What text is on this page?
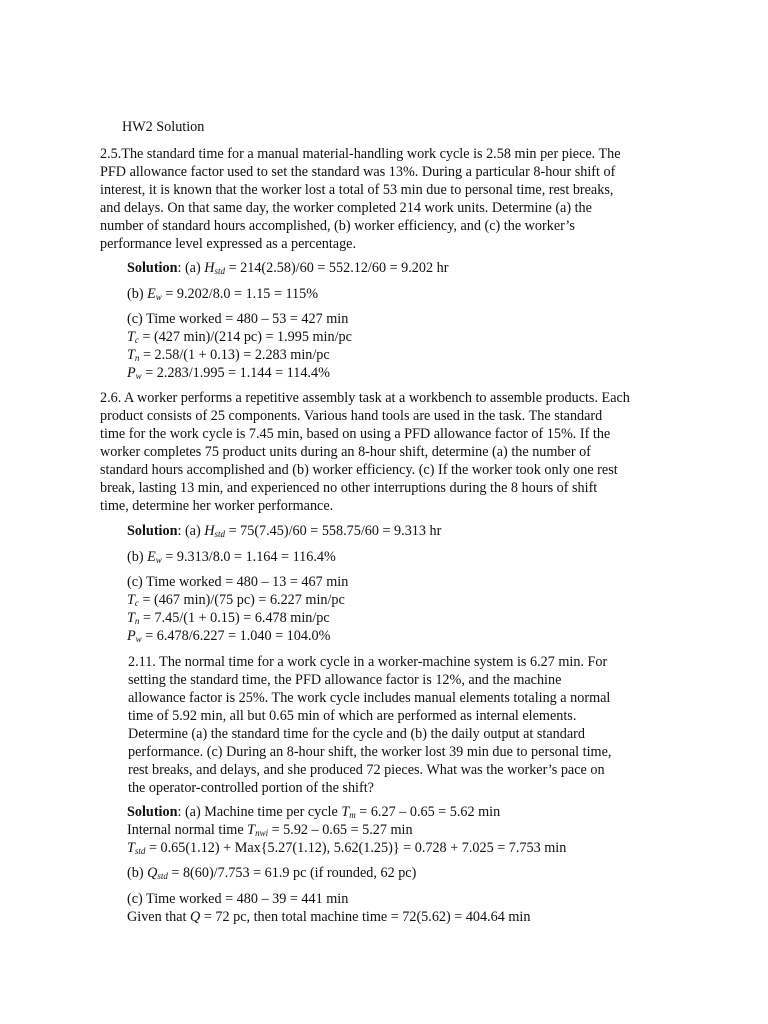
HW2 Solution

2.5.The standard time for a manual material-handling work cycle is 2.58 min per piece. The
PFD allowance factor used to set the standard was 13%. During a particular 8-hour shift of
interest, it is known that the worker lost a total of 53 min due to personal time, rest breaks,
and delays. On that same day, the worker completed 214 work units. Determine (a) the
number of standard hours accomplished, (b) worker efficiency, and (c) the worker’s
performance level expressed as a percentage.

Solution: (a) $H_{std} = 214(2.58)/60 = 552.12/60 = 9.202$ hr
(b) $E_w = 9.202/8.0 = 1.15 = 115\%$
(c) Time worked = 480 – 53 = 427 min
$T_c = (427$ min)/(214 pc) = 1.995 min/pc
$T_n = 2.58/(1 + 0.13) = 2.283$ min/pc
$P_w = 2.283/1.995 = 1.144 = 114.4\%$

2.6. A worker performs a repetitive assembly task at a workbench to assemble products. Each
product consists of 25 components. Various hand tools are used in the task. The standard
time for the work cycle is 7.45 min, based on using a PFD allowance factor of 15%. If the
worker completes 75 product units during an 8-hour shift, determine (a) the number of
standard hours accomplished and (b) worker efficiency. (c) If the worker took only one rest
break, lasting 13 min, and experienced no other interruptions during the 8 hours of shift
time, determine her worker performance.

Solution: (a) $H_{std} = 75(7.45)/60 = 558.75/60 = 9.313$ hr
(b) $E_w = 9.313/8.0 = 1.164 = 116.4\%$
(c) Time worked = 480 – 13 = 467 min
$T_c = (467$ min)/(75 pc) = 6.227 min/pc
$T_n = 7.45/(1 + 0.15) = 6.478$ min/pc
$P_w = 6.478/6.227 = 1.040 = 104.0\%$

2.11. The normal time for a work cycle in a worker-machine system is 6.27 min. For
setting the standard time, the PFD allowance factor is 12%, and the machine
allowance factor is 25%. The work cycle includes manual elements totaling a normal
time of 5.92 min, all but 0.65 min of which are performed as internal elements.
Determine (a) the standard time for the cycle and (b) the daily output at standard
performance. (c) During an 8-hour shift, the worker lost 39 min due to personal time,
rest breaks, and delays, and she produced 72 pieces. What was the worker’s pace on
the operator-controlled portion of the shift?

Solution: (a) Machine time per cycle $T_m = 6.27 - 0.65 = 5.62$ min
Internal normal time $T_{nwi} = 5.92 - 0.65 = 5.27$ min
$T_{std} = 0.65(1.12) + Max\{5.27(1.12)$, 5.62(1.25)} = 0.728 + 7.025 = 7.753 min
(b) $Q_{std} = 8(60)/7.753 = 61.9$ pc (if rounded, 62 pc)
(c) Time worked = 480 – 39 = 441 min
Given that Q = 72 pc, then total machine time = 72(5.62) = 404.64 min
